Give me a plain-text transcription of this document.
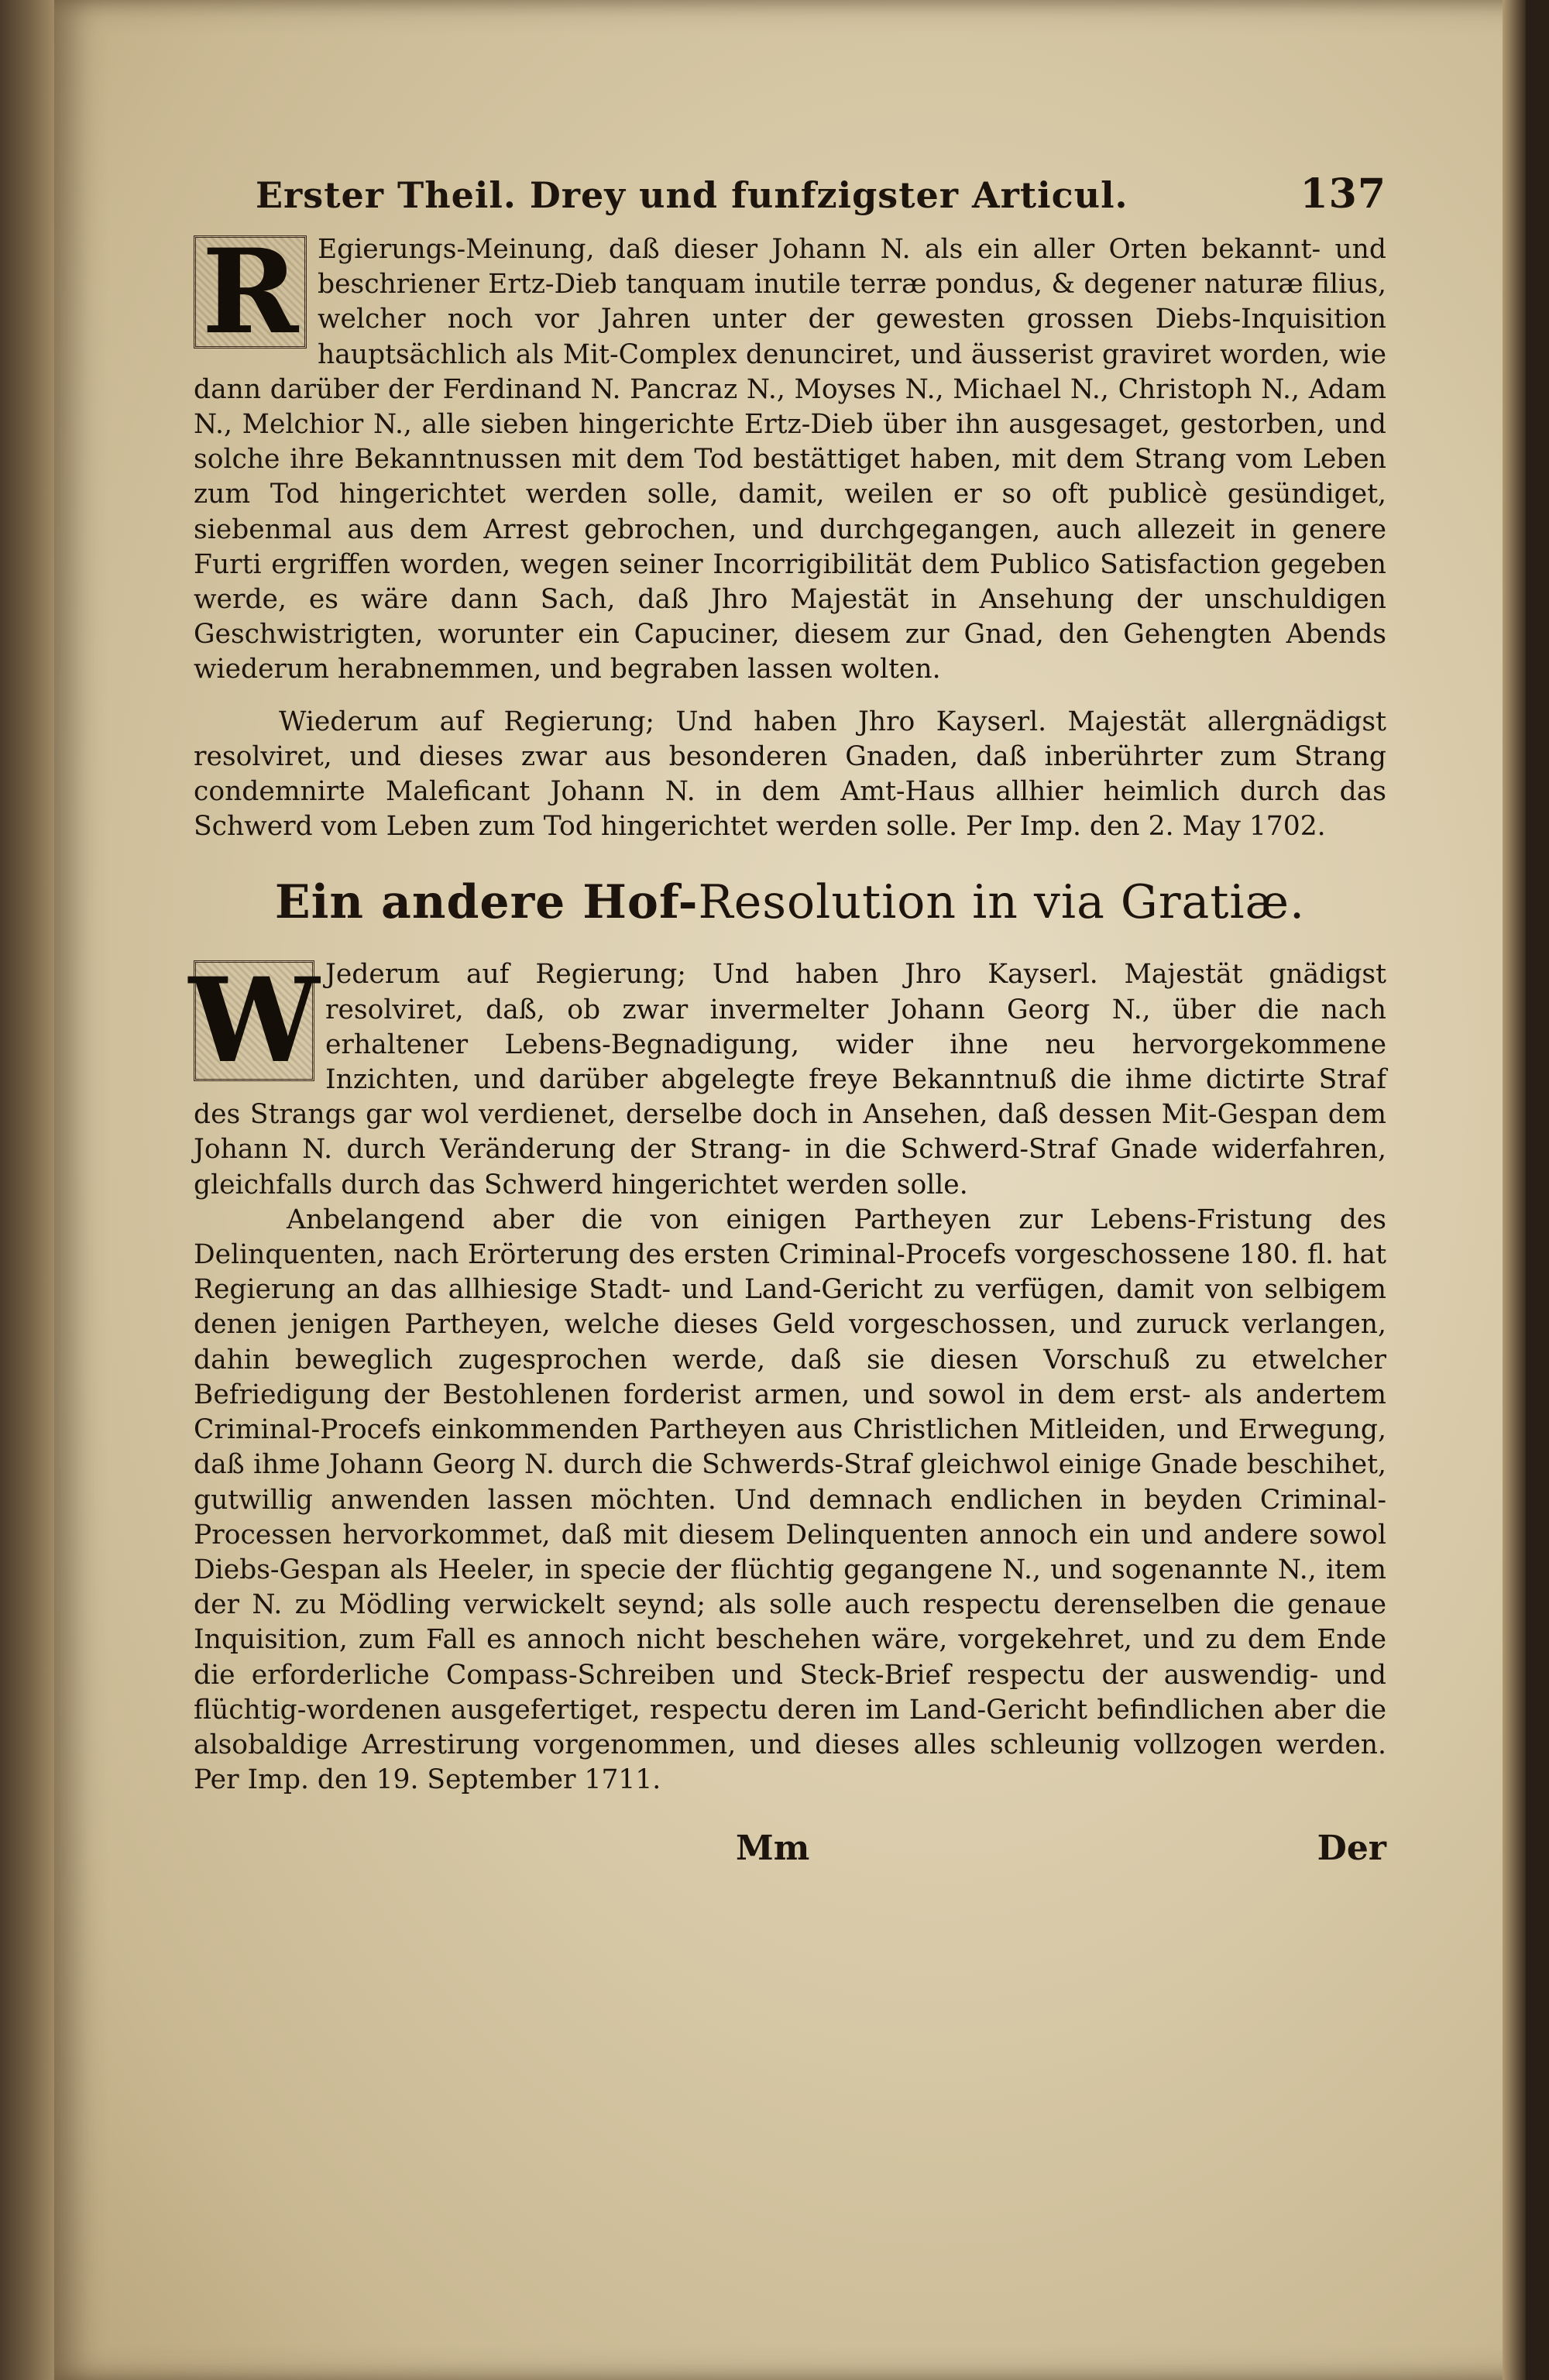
Erster Theil. Drey und funfzigster Articul.	137
R Egierungs-Meinung, daß dieser Johann N. als ein aller Orten bekannt- und beschriener Ertz-Dieb tanquam inutile terræ pondus, & degener naturæ filius, welcher noch vor Jahren unter der gewesten grossen Diebs-Inquisition hauptsächlich als Mit-Complex denunciret, und äusserist graviret worden, wie dann darüber der Ferdinand N. Pancraz N., Moyses N., Michael N., Christoph N., Adam N., Melchior N., alle sieben hingerichte Ertz-Dieb über ihn ausgesaget, gestorben, und solche ihre Bekanntnussen mit dem Tod bestättiget haben, mit dem Strang vom Leben zum Tod hingerichtet werden solle, damit, weilen er so oft publicè gesündiget, siebenmal aus dem Arrest gebrochen, und durchgegangen, auch allezeit in genere Furti ergriffen worden, wegen seiner Incorrigibilität dem Publico Satisfaction gegeben werde, es wäre dann Sach, daß Jhro Majestät in Ansehung der unschuldigen Geschwistrigten, worunter ein Capuciner, diesem zur Gnad, den Gehengten Abends wiederum herabnemmen, und begraben lassen wolten.

Wiederum auf Regierung; Und haben Jhro Kayserl. Majestät allergnädigst resolviret, und dieses zwar aus besonderen Gnaden, daß inberührter zum Strang condemnirte Maleficant Johann N. in dem Amt-Haus allhier heimlich durch das Schwerd vom Leben zum Tod hingerichtet werden solle. Per Imp. den 2. May 1702.

Ein andere Hof-Resolution in via Gratiæ.
W Jederum auf Regierung; Und haben Jhro Kayserl. Majestät gnädigst resolviret, daß, ob zwar invermelter Johann Georg N., über die nach erhaltener Lebens-Begnadigung, wider ihne neu hervorgekommene Inzichten, und darüber abgelegte freye Bekanntnuß die ihme dictirte Straf des Strangs gar wol verdienet, derselbe doch in Ansehen, daß dessen Mit-Gespan dem Johann N. durch Veränderung der Strang- in die Schwerd-Straf Gnade widerfahren, gleichfalls durch das Schwerd hingerichtet werden solle.

Anbelangend aber die von einigen Partheyen zur Lebens-Fristung des Delinquenten, nach Erörterung des ersten Criminal-Procefs vorgeschossene 180. fl. hat Regierung an das allhiesige Stadt- und Land-Gericht zu verfügen, damit von selbigem denen jenigen Partheyen, welche dieses Geld vorgeschossen, und zuruck verlangen, dahin beweglich zugesprochen werde, daß sie diesen Vorschuß zu etwelcher Befriedigung der Bestohlenen forderist armen, und sowol in dem erst- als andertem Criminal-Procefs einkommenden Partheyen aus Christlichen Mitleiden, und Erwegung, daß ihme Johann Georg N. durch die Schwerds-Straf gleichwol einige Gnade beschihet, gutwillig anwenden lassen möchten. Und demnach endlichen in beyden Criminal-Processen hervorkommet, daß mit diesem Delinquenten annoch ein und andere sowol Diebs-Gespan als Heeler, in specie der flüchtig gegangene N., und sogenannte N., item der N. zu Mödling verwickelt seynd; als solle auch respectu derenselben die genaue Inquisition, zum Fall es annoch nicht beschehen wäre, vorgekehret, und zu dem Ende die erforderliche Compass-Schreiben und Steck-Brief respectu der auswendig- und flüchtig-wordenen ausgefertiget, respectu deren im Land-Gericht befindlichen aber die alsobaldige Arrestirung vorgenommen, und dieses alles schleunig vollzogen werden. Per Imp. den 19. September 1711.

Mm	Der
